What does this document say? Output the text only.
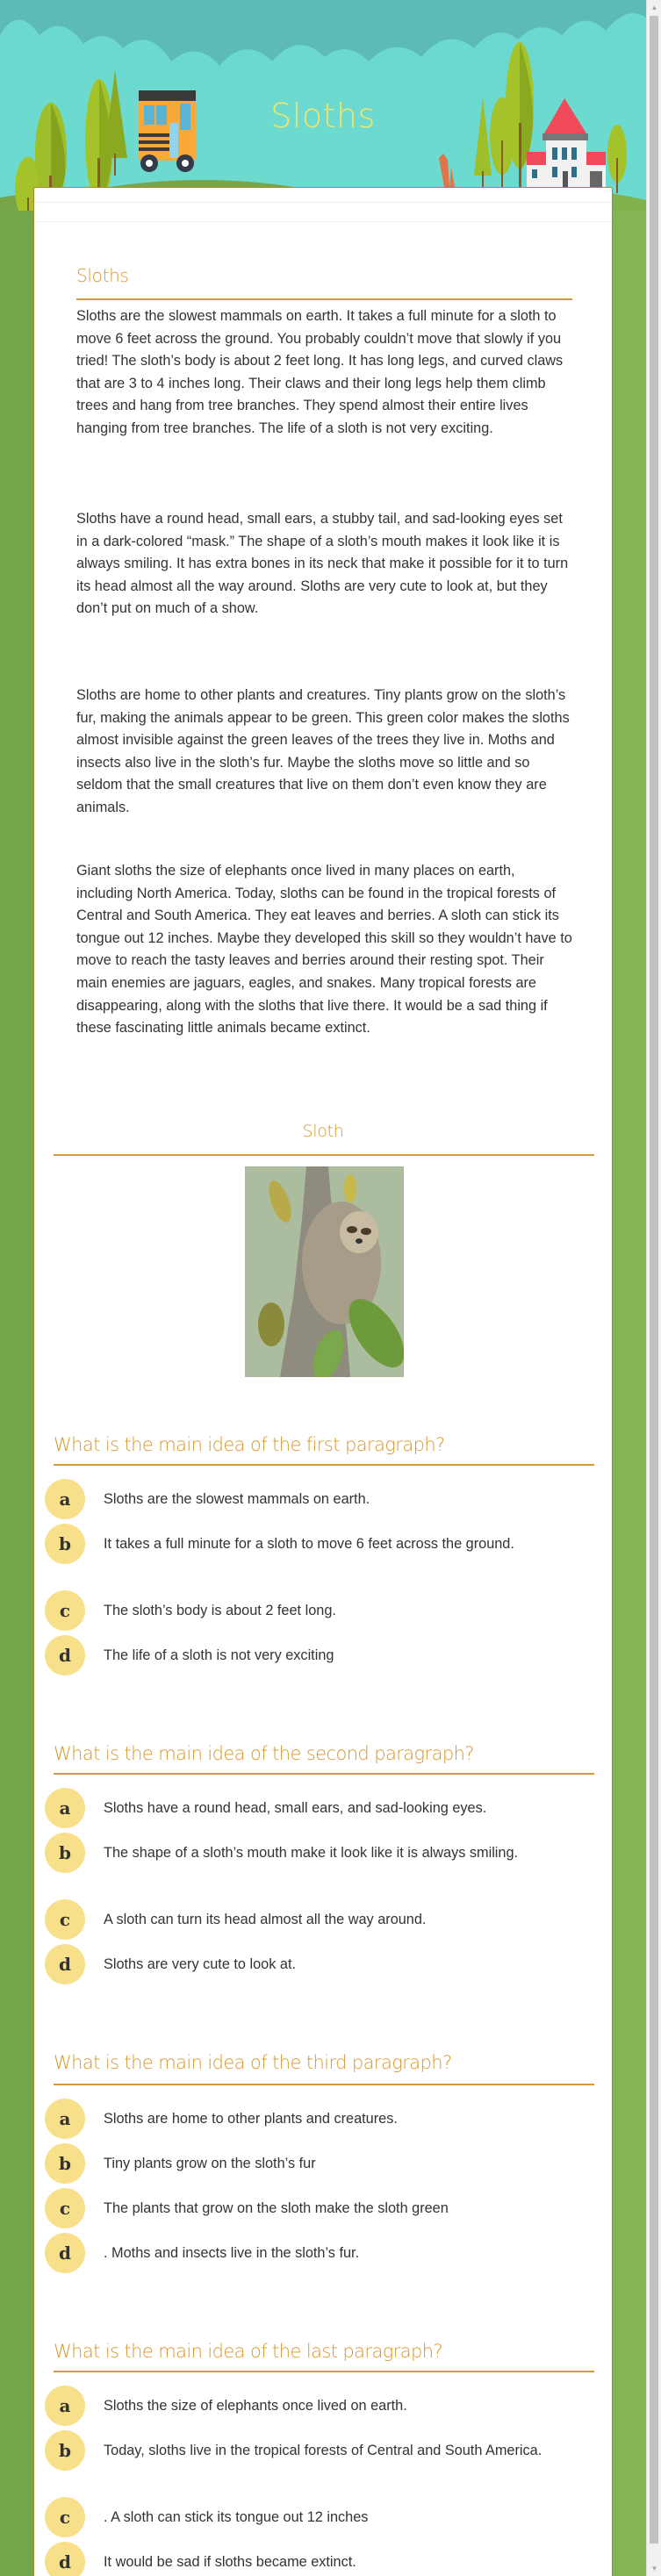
Sloths
Sloths

Sloths are the slowest mammals on earth. It takes a full minute for a sloth to move 6 feet across the ground. You probably couldn’t move that slowly if you tried! The sloth’s body is about 2 feet long. It has long legs, and curved claws that are 3 to 4 inches long. Their claws and their long legs help them climb trees and hang from tree branches. They spend almost their entire lives hanging from tree branches. The life of a sloth is not very exciting.

Sloths have a round head, small ears, a stubby tail, and sad-looking eyes set in a dark-colored “mask.” The shape of a sloth’s mouth makes it look like it is always smiling. It has extra bones in its neck that make it possible for it to turn its head almost all the way around. Sloths are very cute to look at, but they don’t put on much of a show.

Sloths are home to other plants and creatures. Tiny plants grow on the sloth’s fur, making the animals appear to be green. This green color makes the sloths almost invisible against the green leaves of the trees they live in. Moths and insects also live in the sloth’s fur. Maybe the sloths move so little and so seldom that the small creatures that live on them don’t even know they are animals.

Giant sloths the size of elephants once lived in many places on earth, including North America. Today, sloths can be found in the tropical forests of Central and South America. They eat leaves and berries. A sloth can stick its tongue out 12 inches. Maybe they developed this skill so they wouldn’t have to move to reach the tasty leaves and berries around their resting spot. Their main enemies are jaguars, eagles, and snakes. Many tropical forests are disappearing, along with the sloths that live there. It would be a sad thing if these fascinating little animals became extinct.

Sloth
What is the main idea of the first paragraph?
a	Sloths are the slowest mammals on earth.
b	It takes a full minute for a sloth to move 6 feet across the ground.
c	The sloth’s body is about 2 feet long.
d	The life of a sloth is not very exciting
What is the main idea of the second paragraph?
a	Sloths have a round head, small ears, and sad-looking eyes.
b	The shape of a sloth’s mouth make it look like it is always smiling.
c	A sloth can turn its head almost all the way around.
d	Sloths are very cute to look at.
What is the main idea of the third paragraph?
a	Sloths are home to other plants and creatures.
b	Tiny plants grow on the sloth’s fur
c	The plants that grow on the sloth make the sloth green
d	. Moths and insects live in the sloth’s fur.
What is the main idea of the last paragraph?
a	Sloths the size of elephants once lived on earth.
b	Today, sloths live in the tropical forests of Central and South America.
c	. A sloth can stick its tongue out 12 inches
d	It would be sad if sloths became extinct.
▲
▼
